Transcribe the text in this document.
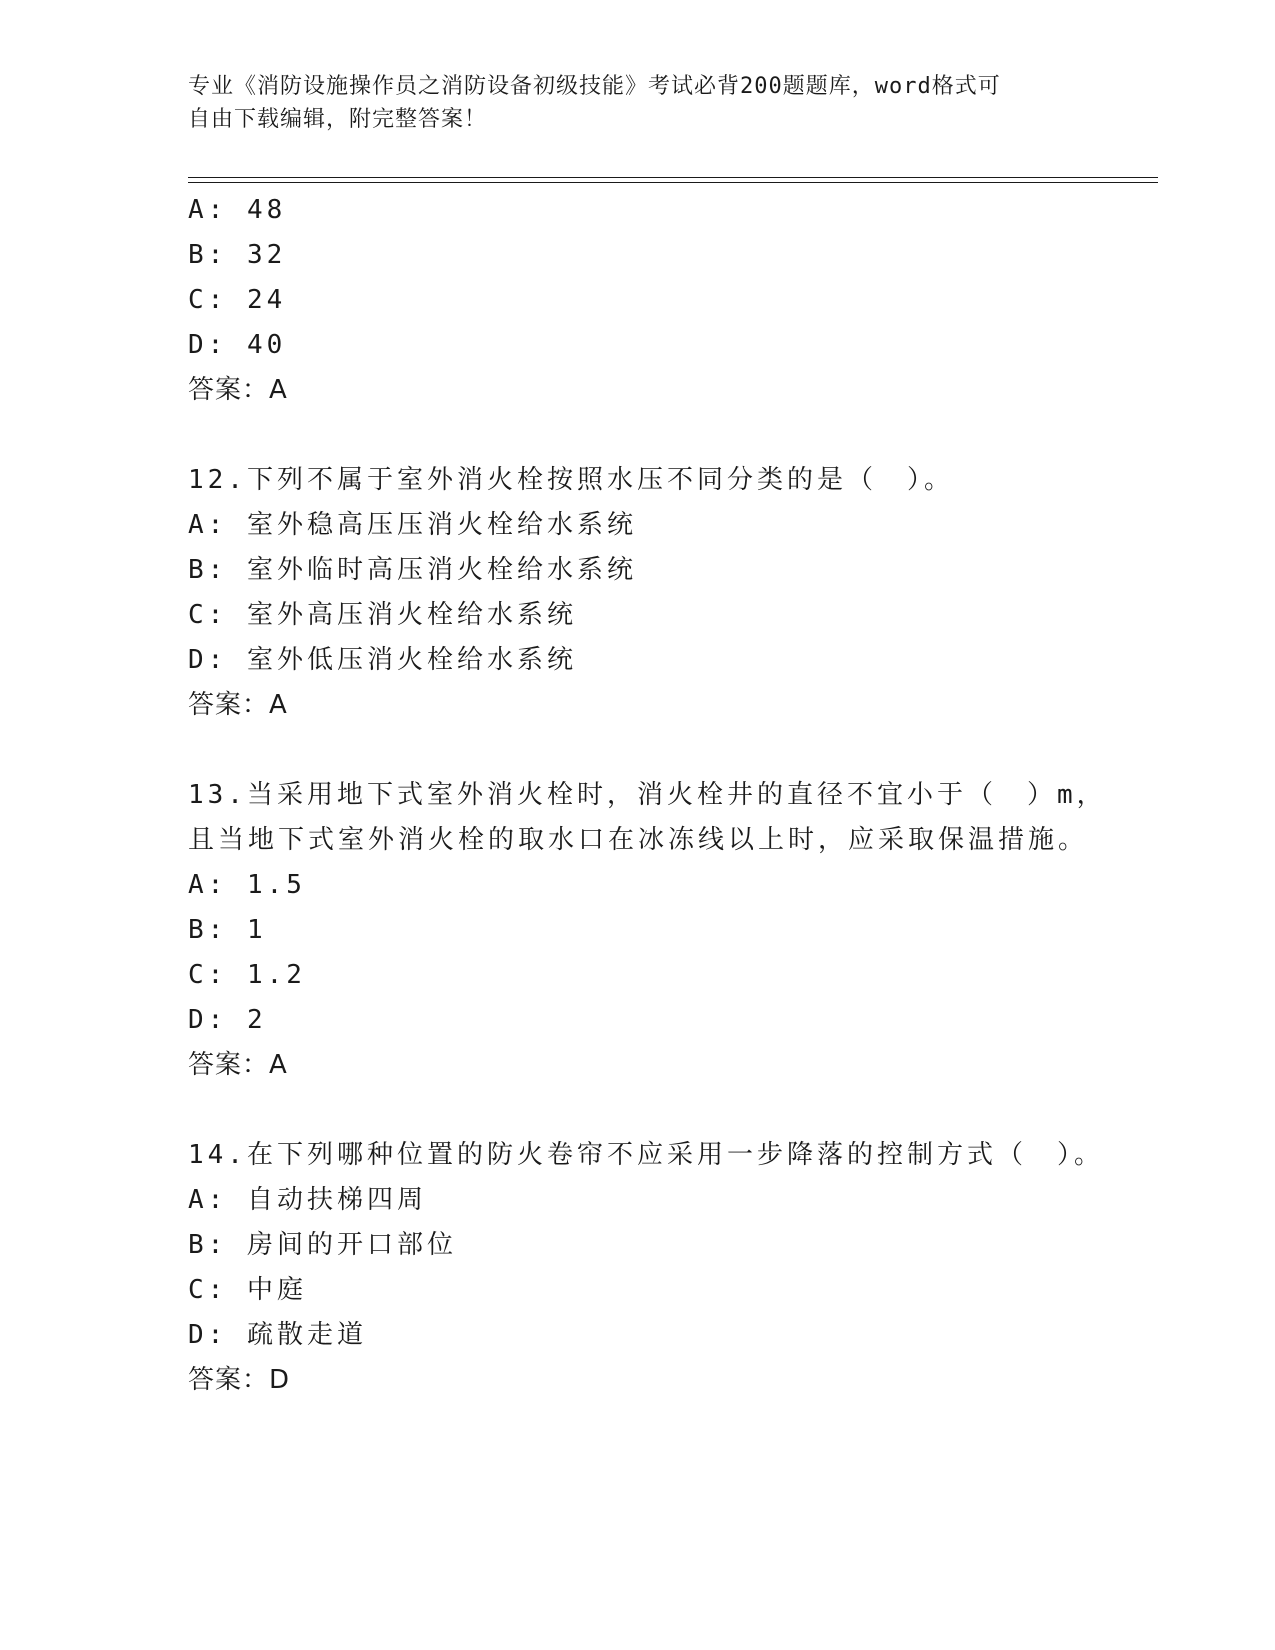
专业《消防设施操作员之消防设备初级技能》考试必背200题题库，word格式可
自由下载编辑，附完整答案！
A: 48
B: 32
C: 24
D: 40
答案：A
12.下列不属于室外消火栓按照水压不同分类的是（　）。
A: 室外稳高压压消火栓给水系统
B: 室外临时高压消火栓给水系统
C: 室外高压消火栓给水系统
D: 室外低压消火栓给水系统
答案：A
13.当采用地下式室外消火栓时，消火栓井的直径不宜小于（　）m，
且当地下式室外消火栓的取水口在冰冻线以上时，应采取保温措施。
A: 1.5
B: 1
C: 1.2
D: 2
答案：A
14.在下列哪种位置的防火卷帘不应采用一步降落的控制方式（　）。
A: 自动扶梯四周
B: 房间的开口部位
C: 中庭
D: 疏散走道
答案：D
